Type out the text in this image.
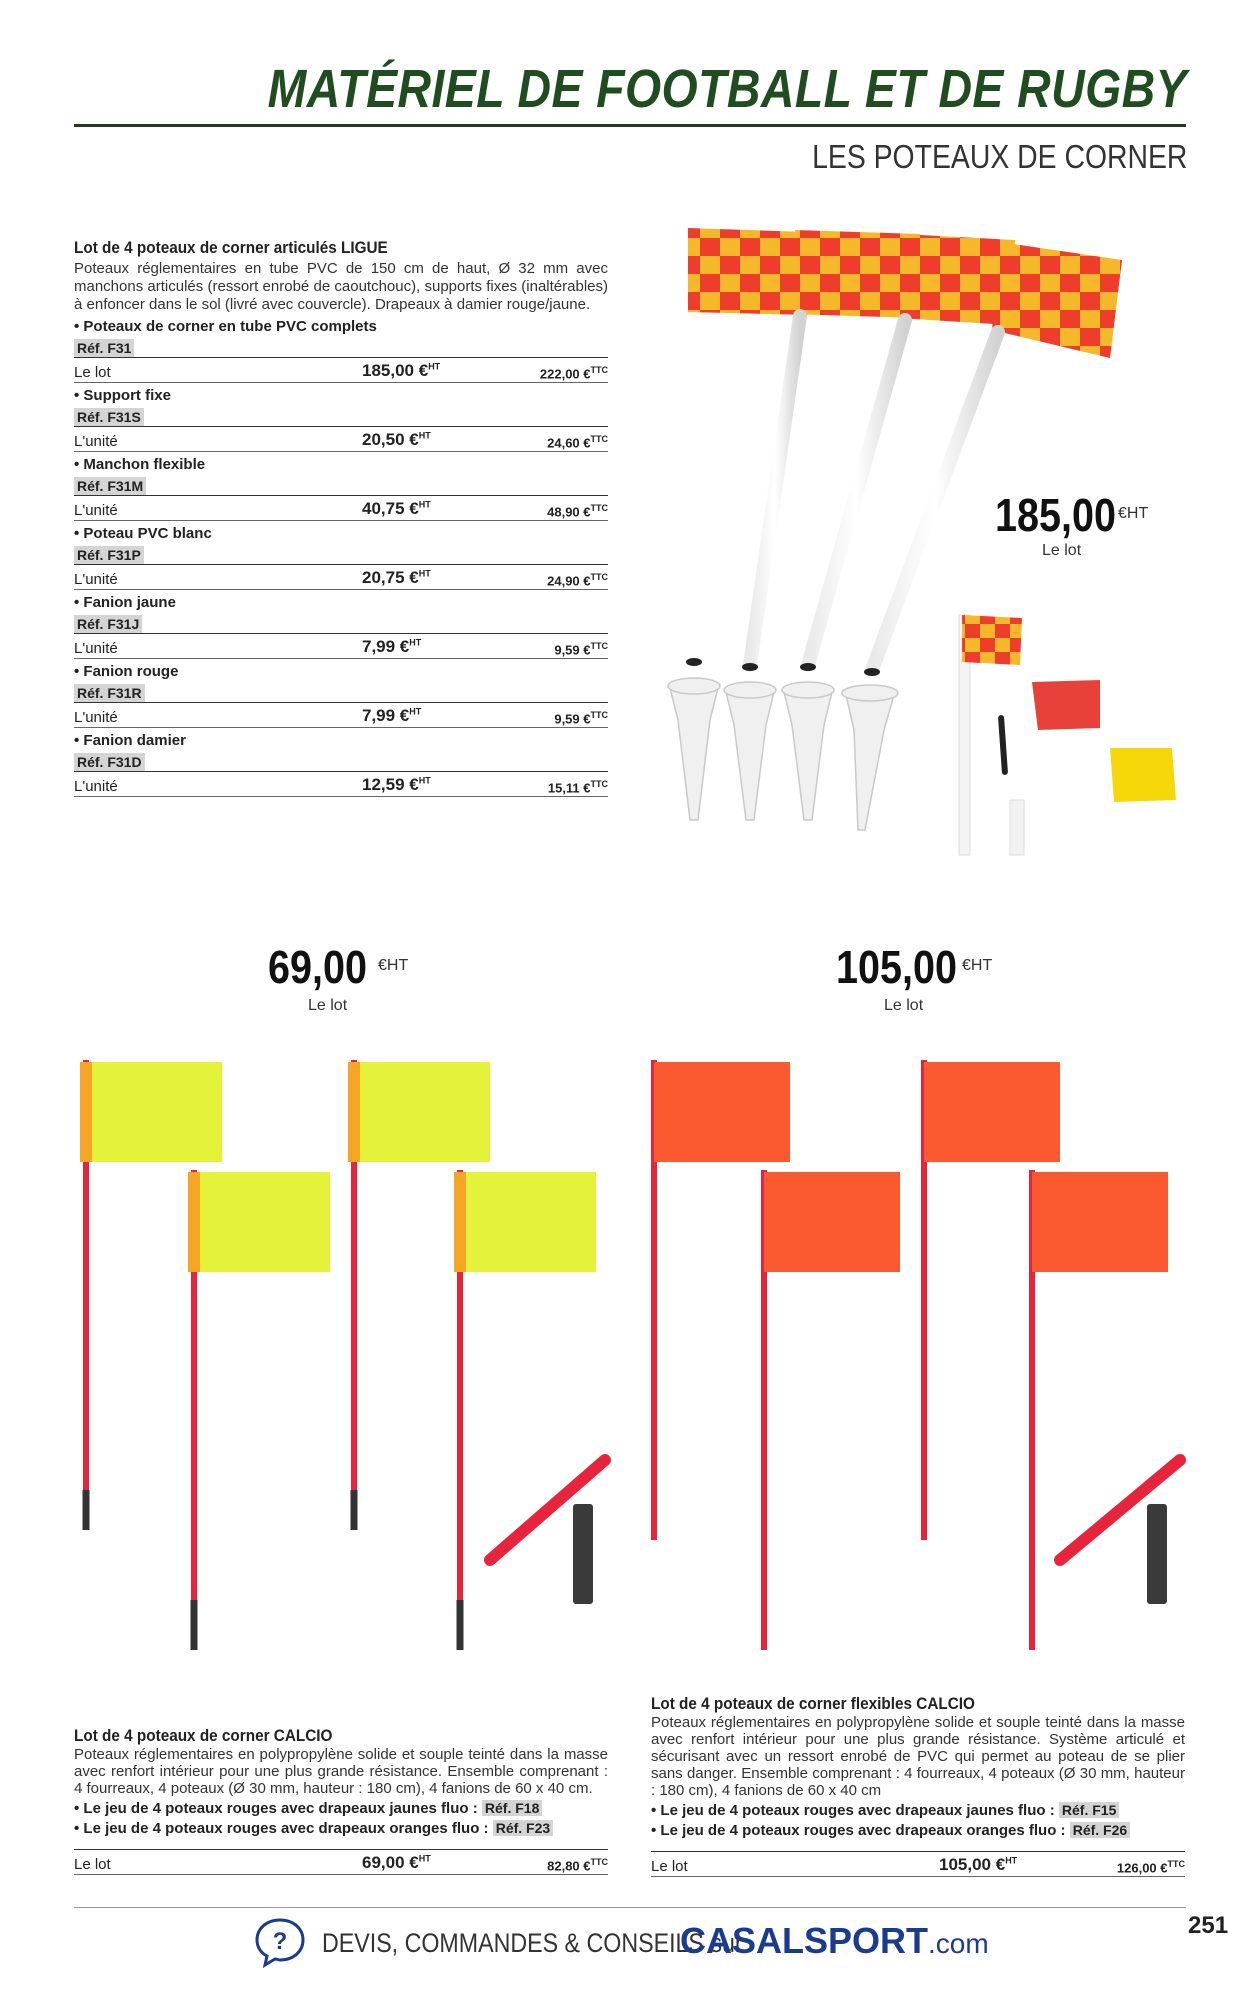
MATÉRIEL DE FOOTBALL ET DE RUGBY
LES POTEAUX DE CORNER
Lot de 4 poteaux de corner articulés LIGUE
Poteaux réglementaires en tube PVC de 150 cm de haut, Ø 32 mm avec manchons articulés (ressort enrobé de caoutchouc), supports fixes (inaltérables) à enfoncer dans le sol (livré avec couvercle). Drapeaux à damier rouge/jaune.
• Poteaux de corner en tube PVC complets
Réf. F31
Le lot	185,00 €$^{HT}$	222,00 €$^{TTC}$
• Support fixe
Réf. F31S
L'unité	20,50 €$^{HT}$	24,60 €$^{TTC}$
• Manchon flexible
Réf. F31M
L'unité	40,75 €$^{HT}$	48,90 €$^{TTC}$
• Poteau PVC blanc
Réf. F31P
L'unité	20,75 €$^{HT}$	24,90 €$^{TTC}$
• Fanion jaune
Réf. F31J
L'unité	7,99 €$^{HT}$	9,59 €$^{TTC}$
• Fanion rouge
Réf. F31R
L'unité	7,99 €$^{HT}$	9,59 €$^{TTC}$
• Fanion damier
Réf. F31D
L'unité	12,59 €$^{HT}$	15,11 €$^{TTC}$
185,00 €HT
Le lot
69,00 €HT
Le lot
105,00 €HT
Le lot
Lot de 4 poteaux de corner CALCIO
Poteaux réglementaires en polypropylène solide et souple teinté dans la masse avec renfort intérieur pour une plus grande résistance. Ensemble comprenant : 4 fourreaux, 4 poteaux (Ø 30 mm, hauteur : 180 cm), 4 fanions de 60 x 40 cm.
• Le jeu de 4 poteaux rouges avec drapeaux jaunes fluo : Réf. F18
• Le jeu de 4 poteaux rouges avec drapeaux oranges fluo : Réf. F23
Le lot	69,00 €$^{HT}$	82,80 €$^{TTC}$
Lot de 4 poteaux de corner flexibles CALCIO
Poteaux réglementaires en polypropylène solide et souple teinté dans la masse avec renfort intérieur pour une plus grande résistance. Système articulé et sécurisant avec un ressort enrobé de PVC qui permet au poteau de se plier sans danger. Ensemble comprenant : 4 fourreaux, 4 poteaux (Ø 30 mm, hauteur : 180 cm), 4 fanions de 60 x 40 cm
• Le jeu de 4 poteaux rouges avec drapeaux jaunes fluo : Réf. F15
• Le jeu de 4 poteaux rouges avec drapeaux oranges fluo : Réf. F26
Le lot	105,00 €$^{HT}$	126,00 €$^{TTC}$
? DEVIS, COMMANDES & CONSEILS sur
CASALSPORT.com
251
